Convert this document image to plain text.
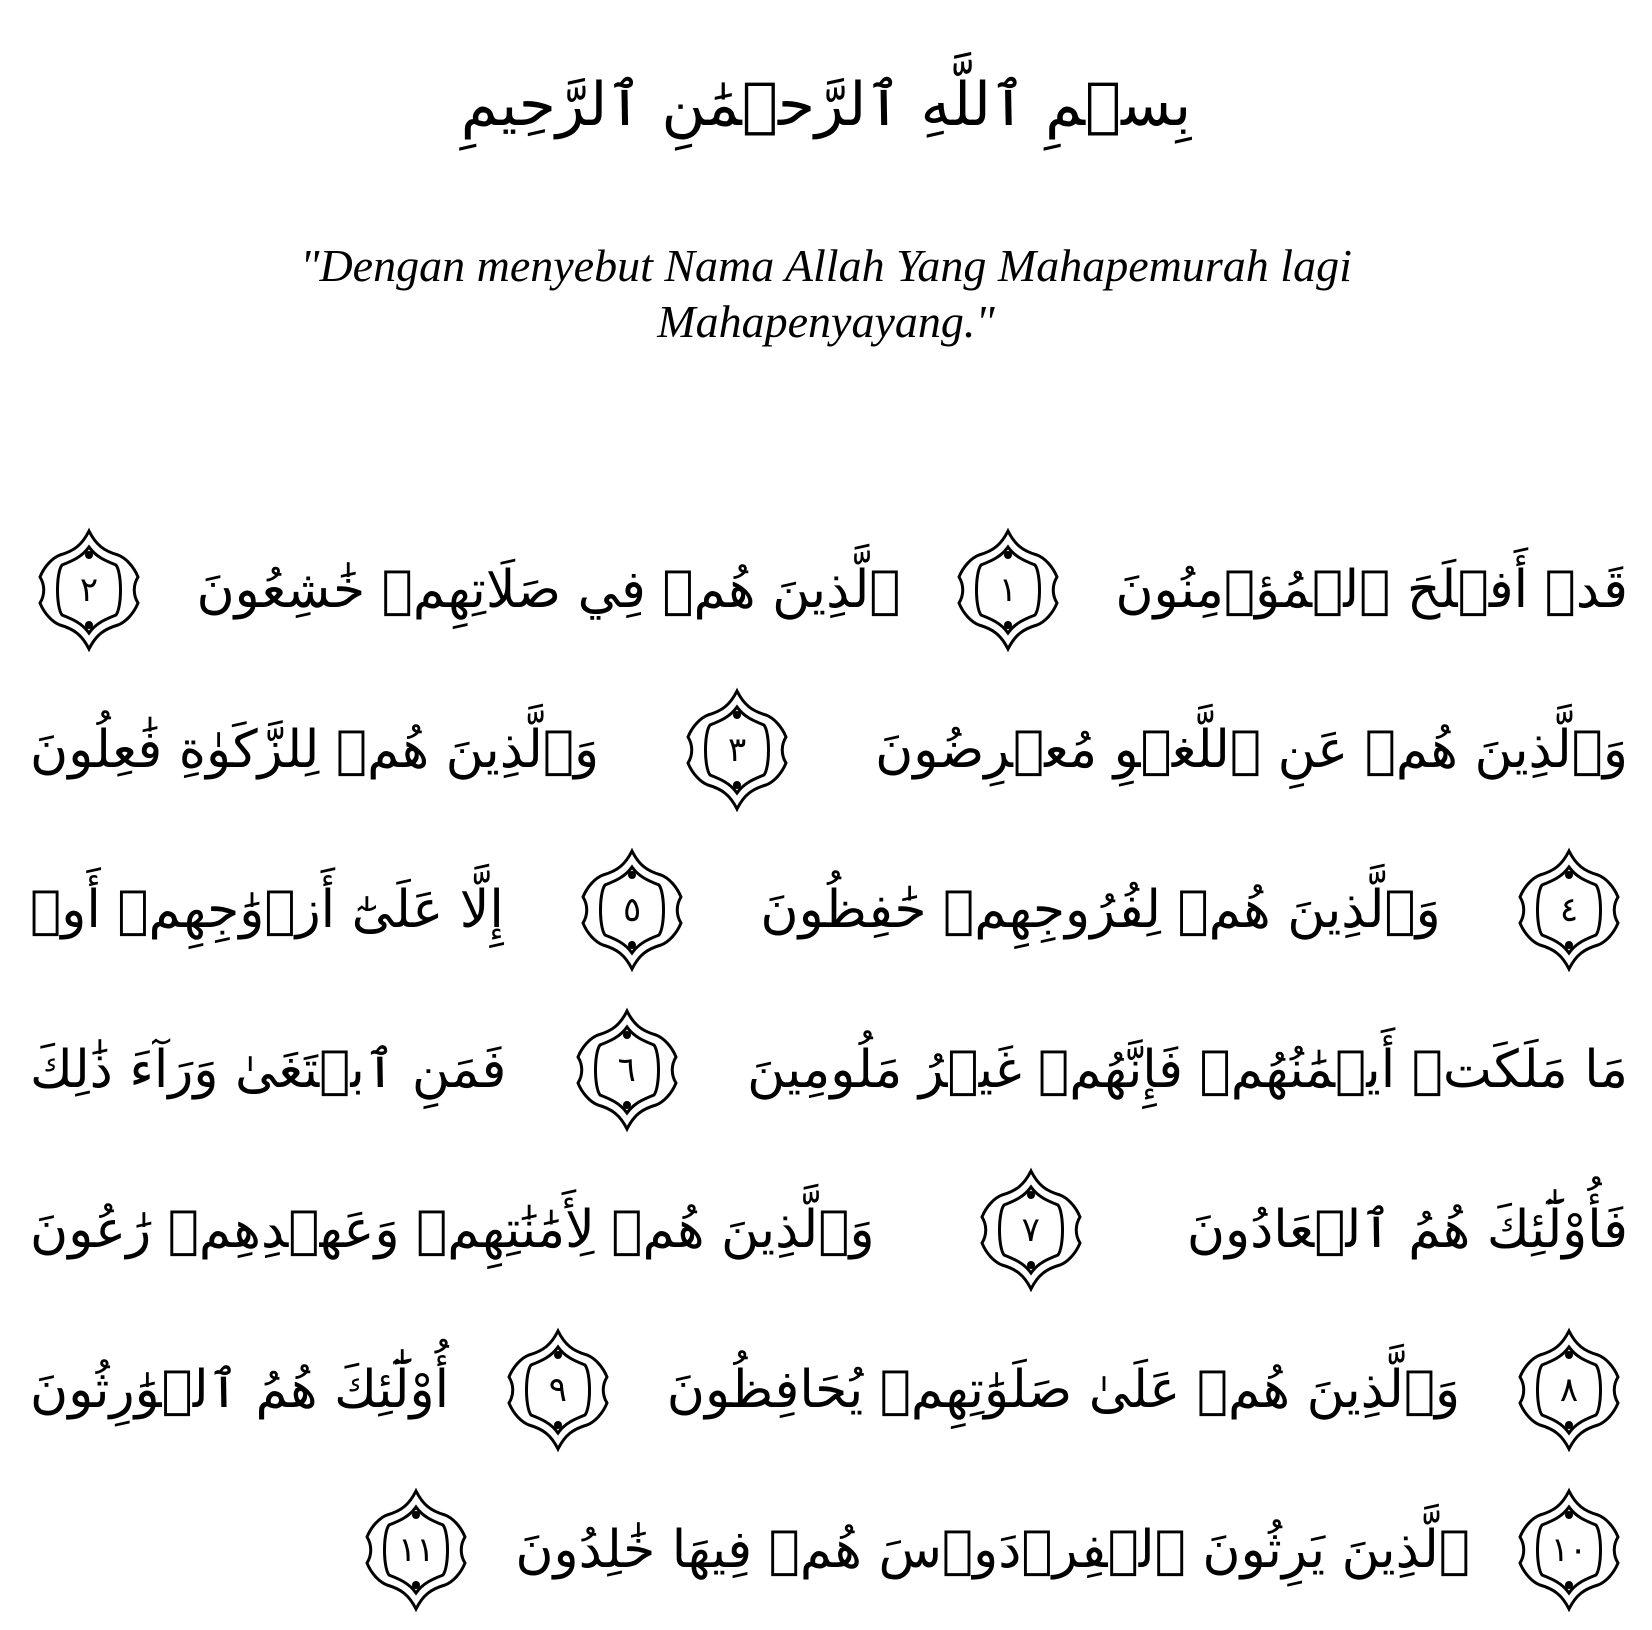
بِسۡمِ ٱللَّهِ ٱلرَّحۡمَٰنِ ٱلرَّحِيمِ
"Dengan menyebut Nama Allah Yang Mahapemurah lagi
Mahapenyayang."
قَدۡ أَفۡلَحَ ٱلۡمُؤۡمِنُونَ
١
ٱلَّذِينَ هُمۡ فِي صَلَاتِهِمۡ خَٰشِعُونَ
٢
وَٱلَّذِينَ هُمۡ عَنِ ٱللَّغۡوِ مُعۡرِضُونَ
٣
وَٱلَّذِينَ هُمۡ لِلزَّكَوٰةِ فَٰعِلُونَ
٤
وَٱلَّذِينَ هُمۡ لِفُرُوجِهِمۡ حَٰفِظُونَ
٥
إِلَّا عَلَىٰٓ أَزۡوَٰجِهِمۡ أَوۡ
مَا مَلَكَتۡ أَيۡمَٰنُهُمۡ فَإِنَّهُمۡ غَيۡرُ مَلُومِينَ
٦
فَمَنِ ٱبۡتَغَىٰ وَرَآءَ ذَٰلِكَ
فَأُوْلَٰٓئِكَ هُمُ ٱلۡعَادُونَ
٧
وَٱلَّذِينَ هُمۡ لِأَمَٰنَٰتِهِمۡ وَعَهۡدِهِمۡ رَٰعُونَ
٨
وَٱلَّذِينَ هُمۡ عَلَىٰ صَلَوَٰتِهِمۡ يُحَافِظُونَ
٩
أُوْلَٰٓئِكَ هُمُ ٱلۡوَٰرِثُونَ
١٠
ٱلَّذِينَ يَرِثُونَ ٱلۡفِرۡدَوۡسَ هُمۡ فِيهَا خَٰلِدُونَ
١١
